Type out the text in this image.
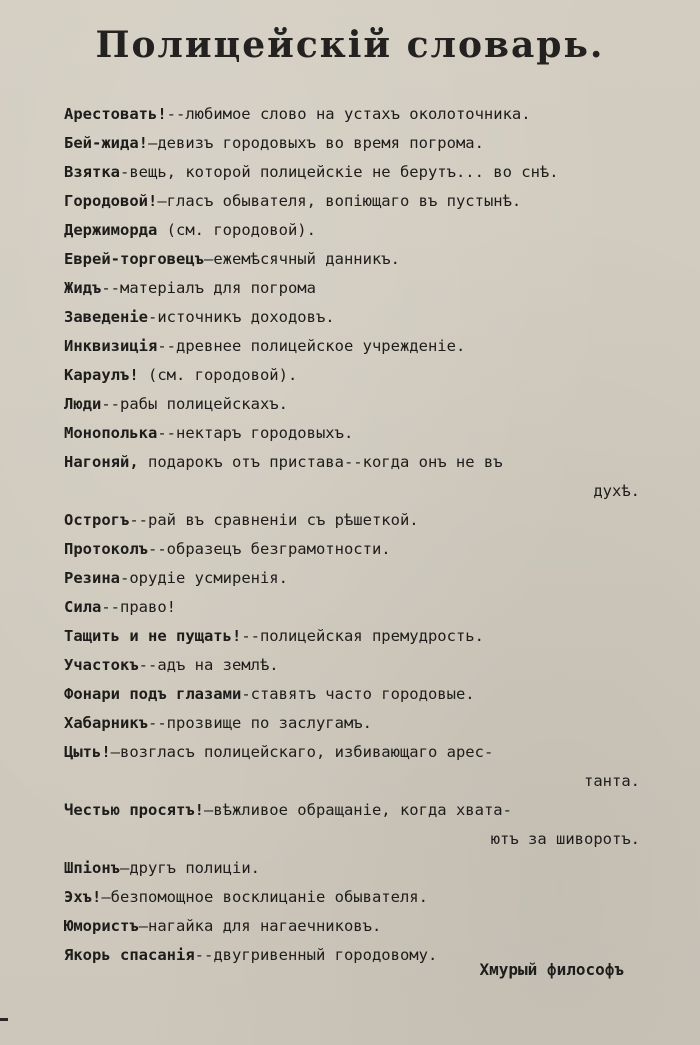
Полицейскій словарь.
Арестовать!--любимое слово на устахъ околоточника.
Бей-жида!—девизъ городовыхъ во время погрома.
Взятка-вещь, которой полицейскіе не берутъ... во снѣ.
Городовой!—гласъ обывателя, вопіющаго въ пустынѣ.
Держиморда (см. городовой).
Еврей-торговецъ—ежемѣсячный данникъ.
Жидъ--матеріалъ для погрома
Заведеніе-источникъ доходовъ.
Инквизиція--древнее полицейское учрежденіе.
Караулъ! (см. городовой).
Люди--рабы полицейскахъ.
Монополька--нектаръ городовыхъ.
Нагоняй, подарокъ отъ пристава--когда онъ не въ
духѣ.
Острогъ--рай въ сравненіи съ рѣшеткой.
Протоколъ--образецъ безграмотности.
Резина-орудіе усмиренія.
Сила--право!
Тащить и не пущать!--полицейская премудрость.
Участокъ--адъ на землѣ.
Фонари подъ глазами-ставятъ часто городовые.
Хабарникъ--прозвище по заслугамъ.
Цыть!—возгласъ полицейскаго, избивающаго арес-
танта.
Честью просятъ!—вѣжливое обращаніе, когда хвата-
ютъ за шиворотъ.
Шпіонъ—другъ полиціи.
Эхъ!—безпомощное восклицаніе обывателя.
Юмористъ—нагайка для нагаечниковъ.
Якорь спасанія--двугривенный городовому.
Хмурый философъ
